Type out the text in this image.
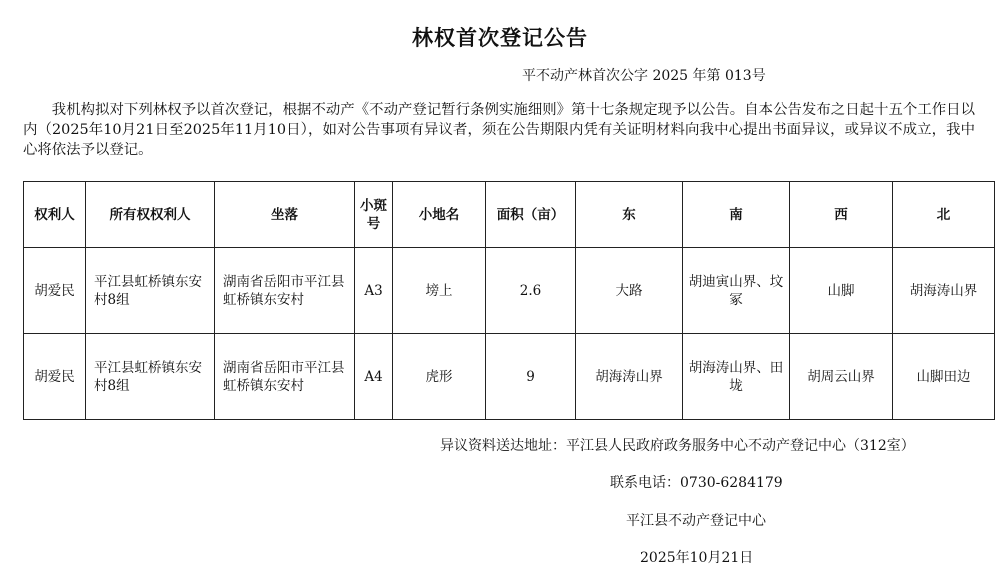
林权首次登记公告
平不动产林首次公字 2025 年第 013号

我机构拟对下列林权予以首次登记，根据不动产《不动产登记暂行条例实施细则》第十七条规定现予以公告。自本公告发布之日起十五个工作日以内（2025年10月21日至2025年11月10日），如对公告事项有异议者，须在公告期限内凭有关证明材料向我中心提出书面异议，或异议不成立，我中心将依法予以登记。

权利人	所有权权利人	坐落	小斑号	小地名	面积（亩）	东	南	西	北
胡爱民	平江县虹桥镇东安村8组	湖南省岳阳市平江县虹桥镇东安村	A3	塝上	2.6	大路	胡迪寅山界、坟冢	山脚	胡海涛山界
胡爱民	平江县虹桥镇东安村8组	湖南省岳阳市平江县虹桥镇东安村	A4	虎形	9	胡海涛山界	胡海涛山界、田垅	胡周云山界	山脚田边
异议资料送达地址：平江县人民政府政务服务中心不动产登记中心（312室）
联系电话：0730-6284179
平江县不动产登记中心
2025年10月21日
